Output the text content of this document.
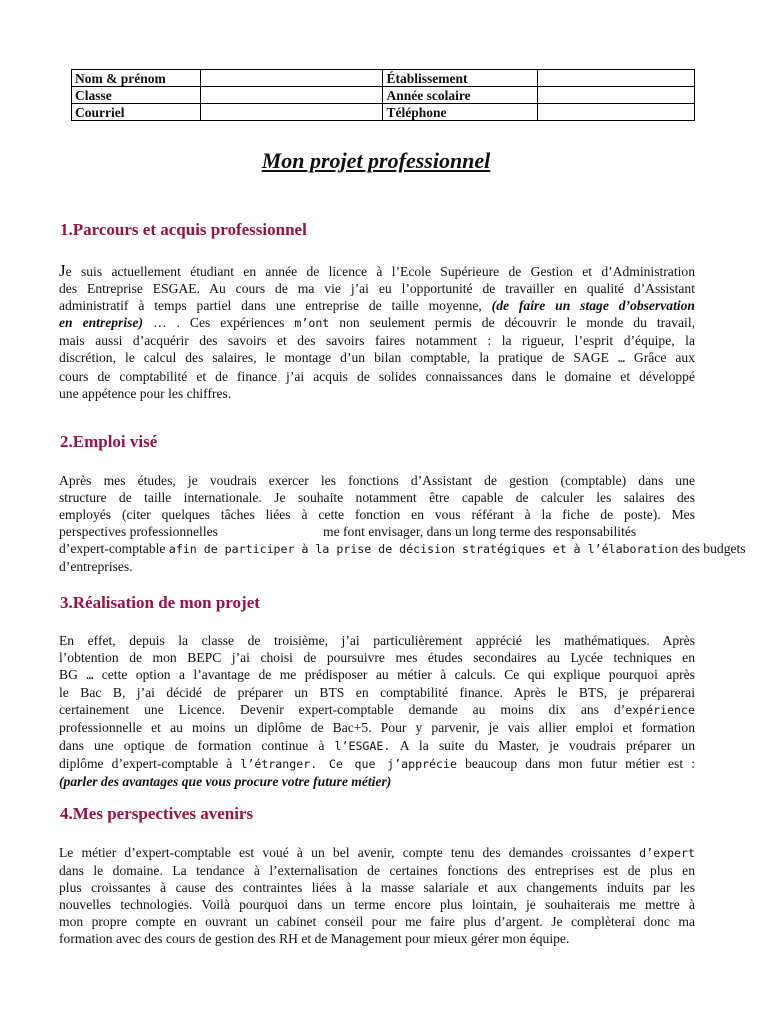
Nom & prénom		Établissement	
Classe		Année scolaire	
Courriel		Téléphone	
Mon projet professionnel
1.Parcours et acquis professionnel
Je suis actuellement étudiant en année de licence à l’Ecole Supérieure de Gestion et d’Administration
des Entreprise ESGAE. Au cours de ma vie j’ai eu l’opportunité de travailler en qualité d’Assistant
administratif à temps partiel dans une entreprise de taille moyenne, (de faire un stage d’observation
en entreprise) … . Ces expériences m’ont non seulement permis de découvrir le monde du travail,
mais aussi d’acquérir des savoirs et des savoirs faires notamment : la rigueur, l’esprit d’équipe, la
discrétion, le calcul des salaires, le montage d’un bilan comptable, la pratique de SAGE … Grâce aux
cours de comptabilité et de finance j’ai acquis de solides connaissances dans le domaine et développé
une appétence pour les chiffres.
2.Emploi visé
Après mes études, je voudrais exercer les fonctions d’Assistant de gestion (comptable) dans une
structure de taille internationale. Je souhaite notamment être capable de calculer les salaires des
employés (citer quelques tâches liées à cette fonction en vous référant à la fiche de poste). Mes
perspectives professionnelles	me font envisager, dans un long terme des responsabilités
d’expert-comptable afin de participer à la prise de décision stratégiques et à l’élaboration des budgets
d’entreprises.
3.Réalisation de mon projet
En effet, depuis la classe de troisième, j’ai particulièrement apprécié les mathématiques. Après
l’obtention de mon BEPC j’ai choisi de poursuivre mes études secondaires au Lycée techniques en
BG … cette option a l’avantage de me prédisposer au métier à calculs. Ce qui explique pourquoi après
le Bac B, j’ai décidé de préparer un BTS en comptabilité finance. Après le BTS, je préparerai
certainement une Licence. Devenir expert-comptable demande au moins dix ans d’expérience
professionnelle et au moins un diplôme de Bac+5. Pour y parvenir, je vais allier emploi et formation
dans une optique de formation continue à l’ESGAE. A la suite du Master, je voudrais préparer un
diplôme d’expert-comptable à l’étranger. Ce que j’apprécie beaucoup dans mon futur métier est :
(parler des avantages que vous procure votre future métier)
4.Mes perspectives avenirs
Le métier d’expert-comptable est voué à un bel avenir, compte tenu des demandes croissantes d’expert
dans le domaine. La tendance à l’externalisation de certaines fonctions des entreprises est de plus en
plus croissantes à cause des contraintes liées à la masse salariale et aux changements induits par les
nouvelles technologies. Voilà pourquoi dans un terme encore plus lointain, je souhaiterais me mettre à
mon propre compte en ouvrant un cabinet conseil pour me faire plus d’argent. Je complèterai donc ma
formation avec des cours de gestion des RH et de Management pour mieux gérer mon équipe.
